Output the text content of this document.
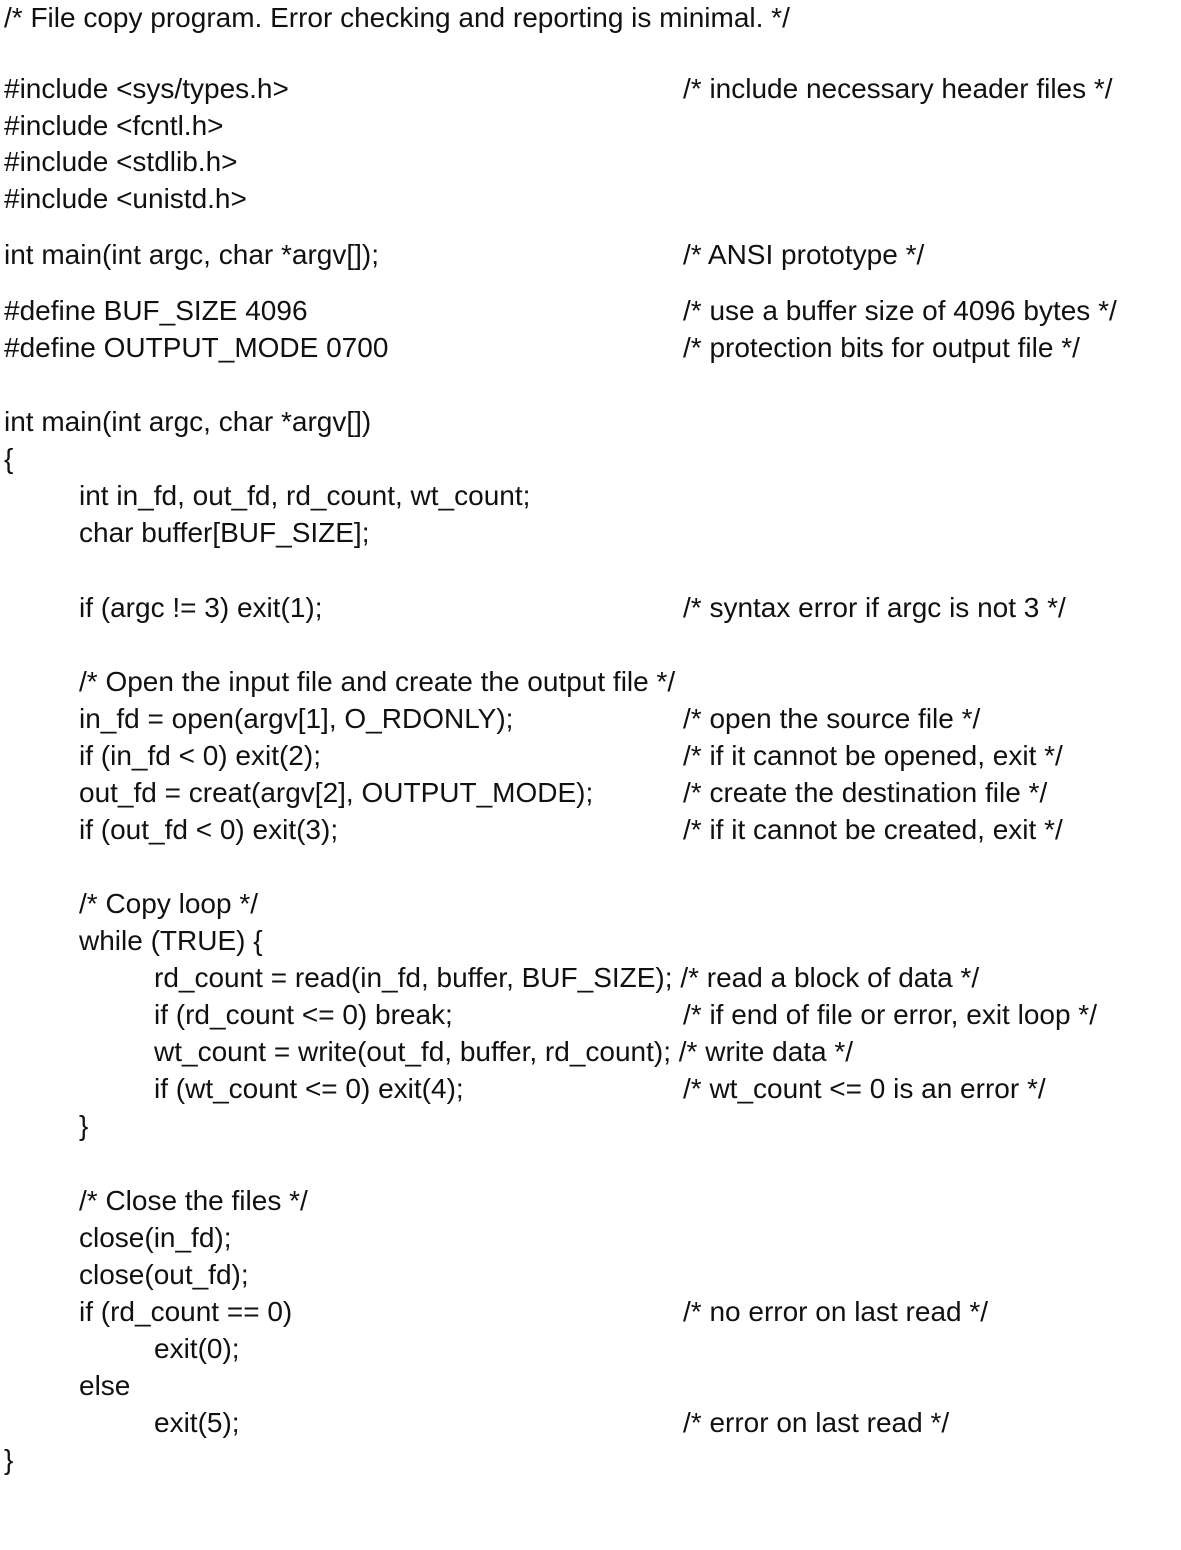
/* File copy program. Error checking and reporting is minimal. */

#include <sys/types.h>

	/* include necessary header files */

#include <fcntl.h>

#include <stdlib.h>

#include <unistd.h>

int main(int argc, char *argv[]);

	/* ANSI prototype */

#define BUF_SIZE 4096

	/* use a buffer size of 4096 bytes */

#define OUTPUT_MODE 0700

	/* protection bits for output file */

int main(int argc, char *argv[])

{

int in_fd, out_fd, rd_count, wt_count;

char buffer[BUF_SIZE];

if (argc != 3) exit(1);

	/* syntax error if argc is not 3 */

/* Open the input file and create the output file */

in_fd = open(argv[1], O_RDONLY);

	/* open the source file */

if (in_fd < 0) exit(2);

	/* if it cannot be opened, exit */

out_fd = creat(argv[2], OUTPUT_MODE);

	/* create the destination file */

if (out_fd < 0) exit(3);

	/* if it cannot be created, exit */

/* Copy loop */

while (TRUE) {

rd_count = read(in_fd, buffer, BUF_SIZE); /* read a block of data */

if (rd_count <= 0) break;

	/* if end of file or error, exit loop */

wt_count = write(out_fd, buffer, rd_count); /* write data */

if (wt_count <= 0) exit(4);

	/* wt_count <= 0 is an error */

}

/* Close the files */

close(in_fd);

close(out_fd);

if (rd_count == 0)

	/* no error on last read */

exit(0);

else

exit(5);

	/* error on last read */

}
